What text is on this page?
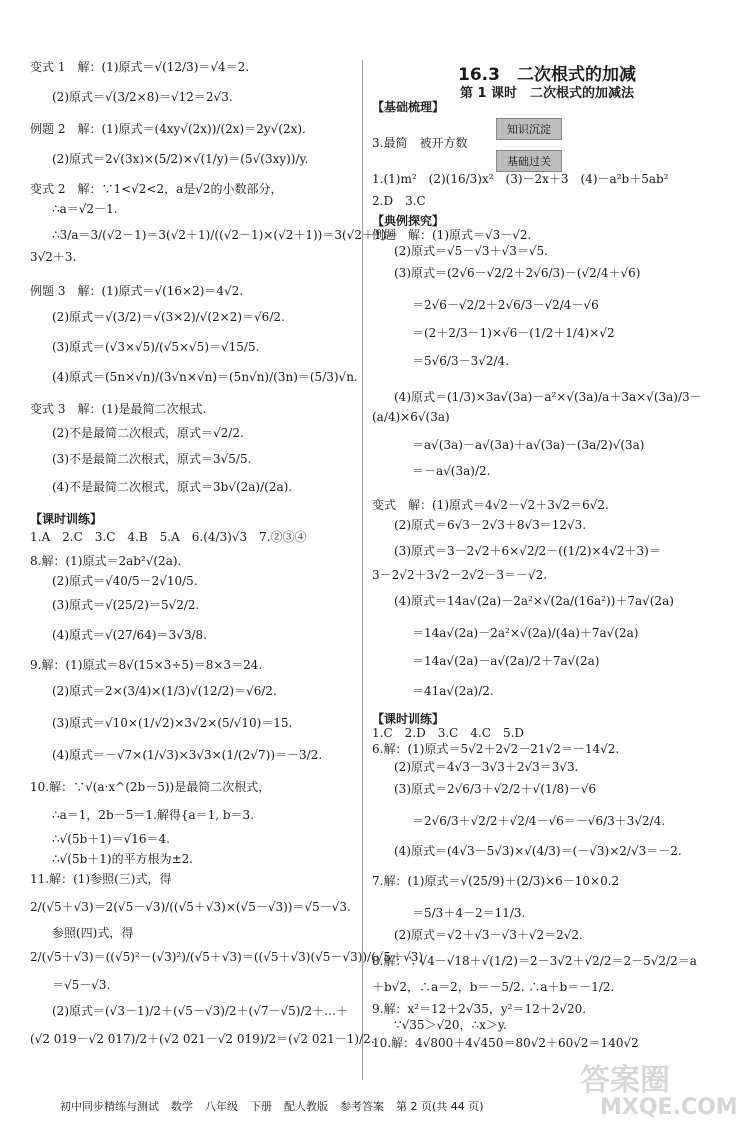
变式 1　解：(1)原式＝√(12/3)＝√4＝2.
(2)原式＝√(3/2×8)＝√12＝2√3.
例题 2　解：(1)原式＝(4xy√(2x))/(2x)＝2y√(2x).
(2)原式＝2√(3x)×(5/2)×√(1/y)＝(5√(3xy))/y.
变式 2　解：∵1<√2<2，a是√2的小数部分，
∴a＝√2－1.
∴3/a＝3/(√2－1)＝3(√2＋1)/((√2－1)×(√2＋1))＝3(√2＋1)＝
3√2＋3.
例题 3　解：(1)原式＝√(16×2)＝4√2.
(2)原式＝√(3/2)＝√(3×2)/√(2×2)＝√6/2.
(3)原式＝(√3×√5)/(√5×√5)＝√15/5.
(4)原式＝(5n×√n)/(3√n×√n)＝(5n√n)/(3n)＝(5/3)√n.
变式 3　解：(1)是最简二次根式.
(2)不是最简二次根式，原式＝√2/2.
(3)不是最简二次根式，原式＝3√5/5.
(4)不是最简二次根式，原式＝3b√(2a)/(2a).
【课时训练】
1.A　2.C　3.C　4.B　5.A　6.(4/3)√3　7.②③④
8.解：(1)原式＝2ab²√(2a).
(2)原式＝√40/5－2√10/5.
(3)原式＝√(25/2)＝5√2/2.
(4)原式＝√(27/64)＝3√3/8.
9.解：(1)原式＝8√(15×3÷5)＝8×3＝24.
(2)原式＝2×(3/4)×(1/3)√(12/2)＝√6/2.
(3)原式＝√10×(1/√2)×3√2×(5/√10)＝15.
(4)原式＝－√7×(1/√3)×3√3×(1/(2√7))＝－3/2.
10.解：∵√(a·x^(2b－5))是最简二次根式，
∴a＝1，2b－5＝1.解得{a＝1, b＝3.
∴√(5b＋1)＝√16＝4.
∴√(5b＋1)的平方根为±2.
11.解：(1)参照(三)式，得
2/(√5＋√3)＝2(√5－√3)/((√5＋√3)×(√5－√3))＝√5－√3.
参照(四)式，得
2/(√5＋√3)＝((√5)²－(√3)²)/(√5＋√3)＝((√5＋√3)(√5－√3))/(√5＋√3)
＝√5－√3.
(2)原式＝(√3－1)/2＋(√5－√3)/2＋(√7－√5)/2＋…＋
(√2 019－√2 017)/2＋(√2 021－√2 019)/2＝(√2 021－1)/2.
16.3　二次根式的加减
第 1 课时　二次根式的加减法
知识沉淀
基础过关
【基础梳理】
3.最简　被开方数
1.(1)m²　(2)(16/3)x²　(3)－2x＋3　(4)－a²b＋5ab²
2.D　3.C
【典例探究】
例题　解：(1)原式＝√3－√2.
(2)原式＝√5－√3＋√3＝√5.
(3)原式＝(2√6－√2/2＋2√6/3)－(√2/4＋√6)
＝2√6－√2/2＋2√6/3－√2/4－√6
＝(2＋2/3－1)×√6－(1/2＋1/4)×√2
＝5√6/3－3√2/4.
(4)原式＝(1/3)×3a√(3a)－a²×√(3a)/a＋3a×√(3a)/3－
(a/4)×6√(3a)
＝a√(3a)－a√(3a)＋a√(3a)－(3a/2)√(3a)
＝－a√(3a)/2.
变式　解：(1)原式＝4√2－√2＋3√2＝6√2.
(2)原式＝6√3－2√3＋8√3＝12√3.
(3)原式＝3－2√2＋6×√2/2－((1/2)×4√2＋3)＝
3－2√2＋3√2－2√2－3＝－√2.
(4)原式＝14a√(2a)－2a²×√(2a/(16a²))＋7a√(2a)
＝14a√(2a)－2a²×√(2a)/(4a)＋7a√(2a)
＝14a√(2a)－a√(2a)/2＋7a√(2a)
＝41a√(2a)/2.
【课时训练】
1.C　2.D　3.C　4.C　5.D
6.解：(1)原式＝5√2＋2√2－21√2＝－14√2.
(2)原式＝4√3－3√3＋2√3＝3√3.
(3)原式＝2√6/3＋√2/2＋√(1/8)－√6
＝2√6/3＋√2/2＋√2/4－√6＝－√6/3＋3√2/4.
(4)原式＝(4√3－5√3)×√(4/3)＝(－√3)×2/√3＝－2.
7.解：(1)原式＝√(25/9)＋(2/3)×6－10×0.2
＝5/3＋4－2＝11/3.
(2)原式＝√2＋√3－√3＋√2＝2√2.
8.解：∵√4－√18＋√(1/2)＝2－3√2＋√2/2＝2－5√2/2＝a
＋b√2，∴a＝2，b＝－5/2. ∴a＋b＝－1/2.
9.解：x²＝12＋2√35，y²＝12＋2√20.
∵√35＞√20，∴x＞y.
10.解：4√800＋4√450＝80√2＋60√2＝140√2
初中同步精练与测试 数学 八年级 下册 配人教版 参考答案 第 2 页(共 44 页)
答案圈
MXQE.COM
